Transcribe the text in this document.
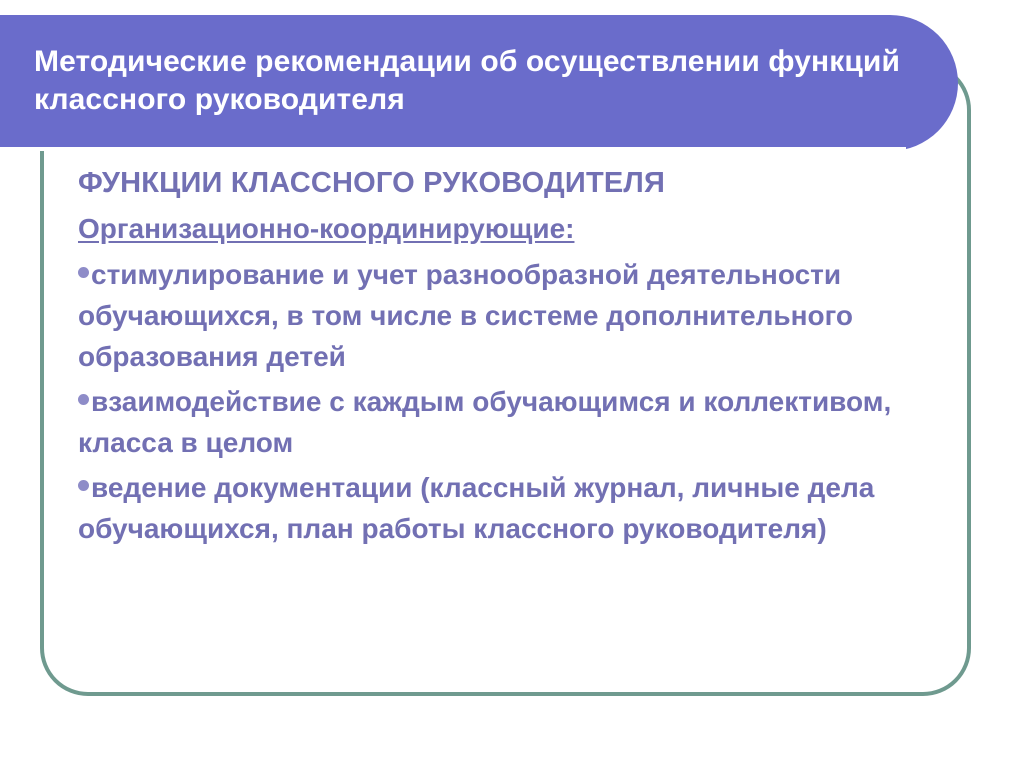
Методические рекомендации об осуществлении функций классного руководителя
ФУНКЦИИ КЛАССНОГО РУКОВОДИТЕЛЯ
Организационно-координирующие:
стимулирование и учет разнообразной деятельности обучающихся, в том числе в системе дополнительного образования детей
взаимодействие с каждым обучающимся и коллективом, класса в целом
ведение документации (классный журнал, личные дела обучающихся, план работы классного руководителя)
